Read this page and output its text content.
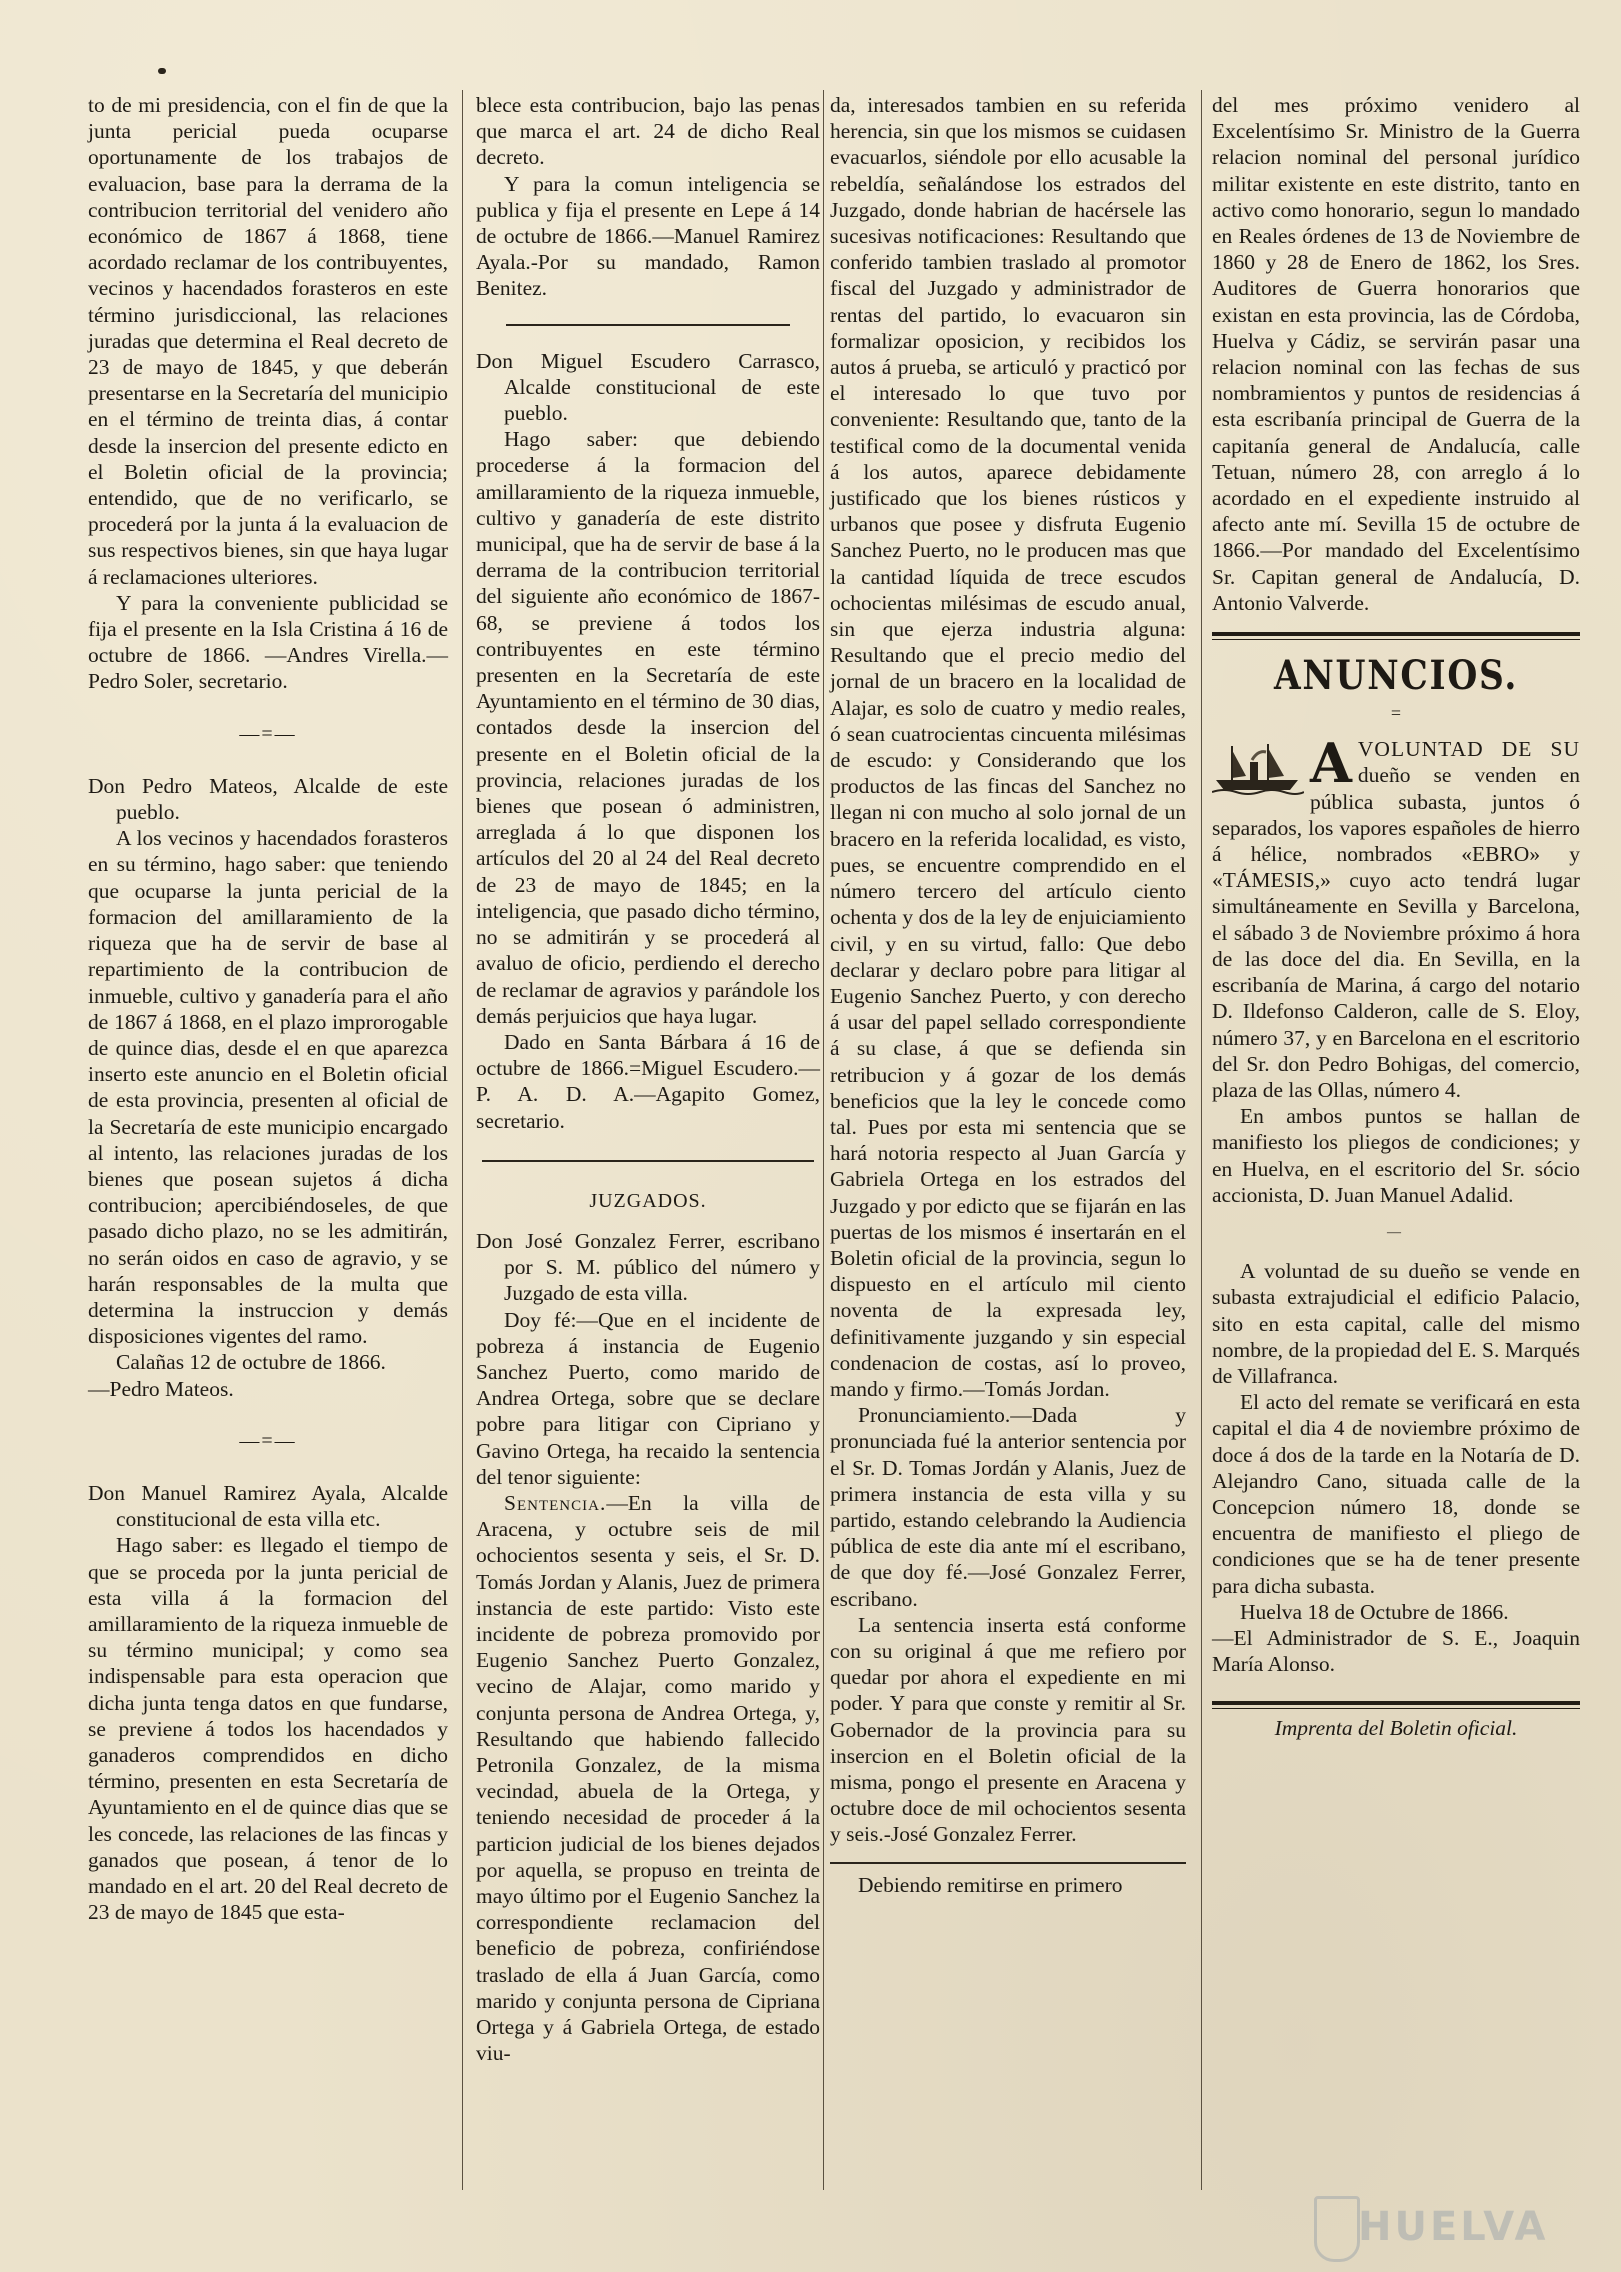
to de mi presidencia, con el fin de que la junta pericial pueda ocuparse oportunamente de los trabajos de evaluacion, base para la derrama de la contribucion territorial del venidero año económico de 1867 á 1868, tiene acordado reclamar de los contribuyentes, vecinos y hacendados forasteros en este término jurisdiccional, las relaciones juradas que determina el Real decreto de 23 de mayo de 1845, y que deberán presentarse en la Secretaría del municipio en el término de treinta dias, á contar desde la insercion del presente edicto en el Boletin oficial de la provincia; entendido, que de no verificarlo, se procederá por la junta á la evaluacion de sus respectivos bienes, sin que haya lugar á reclamaciones ulteriores.

Y para la conveniente publicidad se fija el presente en la Isla Cristina á 16 de octubre de 1866. —Andres Virella.—Pedro Soler, secretario.

—=—

Don Pedro Mateos, Alcalde de este pueblo.

A los vecinos y hacendados forasteros en su término, hago saber: que teniendo que ocuparse la junta pericial de la formacion del amillaramiento de la riqueza que ha de servir de base al repartimiento de la contribucion de inmueble, cultivo y ganadería para el año de 1867 á 1868, en el plazo improrogable de quince dias, desde el en que aparezca inserto este anuncio en el Boletin oficial de esta provincia, presenten al oficial de la Secretaría de este municipio encargado al intento, las relaciones juradas de los bienes que posean sujetos á dicha contribucion; apercibiéndoseles, de que pasado dicho plazo, no se les admitirán, no serán oidos en caso de agravio, y se harán responsables de la multa que determina la instruccion y demás disposiciones vigentes del ramo.

Calañas 12 de octubre de 1866.

—Pedro Mateos.

—=—

Don Manuel Ramirez Ayala, Alcalde constitucional de esta villa etc.

Hago saber: es llegado el tiempo de que se proceda por la junta pericial de esta villa á la formacion del amillaramiento de la riqueza inmueble de su término municipal; y como sea indispensable para esta operacion que dicha junta tenga datos en que fundarse, se previene á todos los hacendados y ganaderos comprendidos en dicho término, presenten en esta Secretaría de Ayuntamiento en el de quince dias que se les concede, las relaciones de las fincas y ganados que posean, á tenor de lo mandado en el art. 20 del Real decreto de 23 de mayo de 1845 que esta-

blece esta contribucion, bajo las penas que marca el art. 24 de dicho Real decreto.

Y para la comun inteligencia se publica y fija el presente en Lepe á 14 de octubre de 1866.—Manuel Ramirez Ayala.-Por su mandado, Ramon Benitez.

Don Miguel Escudero Carrasco, Alcalde constitucional de este pueblo.

Hago saber: que debiendo procederse á la formacion del amillaramiento de la riqueza inmueble, cultivo y ganadería de este distrito municipal, que ha de servir de base á la derrama de la contribucion territorial del siguiente año económico de 1867-68, se previene á todos los contribuyentes en este término presenten en la Secretaría de este Ayuntamiento en el término de 30 dias, contados desde la insercion del presente en el Boletin oficial de la provincia, relaciones juradas de los bienes que posean ó administren, arreglada á lo que disponen los artículos del 20 al 24 del Real decreto de 23 de mayo de 1845; en la inteligencia, que pasado dicho término, no se admitirán y se procederá al avaluo de oficio, perdiendo el derecho de reclamar de agravios y parándole los demás perjuicios que haya lugar.

Dado en Santa Bárbara á 16 de octubre de 1866.=Miguel Escudero.—P. A. D. A.—Agapito Gomez, secretario.

JUZGADOS.

Don José Gonzalez Ferrer, escribano por S. M. público del número y Juzgado de esta villa.

Doy fé:—Que en el incidente de pobreza á instancia de Eugenio Sanchez Puerto, como marido de Andrea Ortega, sobre que se declare pobre para litigar con Cipriano y Gavino Ortega, ha recaido la sentencia del tenor siguiente:

Sentencia.—En la villa de Aracena, y octubre seis de mil ochocientos sesenta y seis, el Sr. D. Tomás Jordan y Alanis, Juez de primera instancia de este partido: Visto este incidente de pobreza promovido por Eugenio Sanchez Puerto Gonzalez, vecino de Alajar, como marido y conjunta persona de Andrea Ortega, y, Resultando que habiendo fallecido Petronila Gonzalez, de la misma vecindad, abuela de la Ortega, y teniendo necesidad de proceder á la particion judicial de los bienes dejados por aquella, se propuso en treinta de mayo último por el Eugenio Sanchez la correspondiente reclamacion del beneficio de pobreza, confiriéndose traslado de ella á Juan García, como marido y conjunta persona de Cipriana Ortega y á Gabriela Ortega, de estado viu-

da, interesados tambien en su referida herencia, sin que los mismos se cuidasen evacuarlos, siéndole por ello acusable la rebeldía, señalándose los estrados del Juzgado, donde habrian de hacérsele las sucesivas notificaciones: Resultando que conferido tambien traslado al promotor fiscal del Juzgado y administrador de rentas del partido, lo evacuaron sin formalizar oposicion, y recibidos los autos á prueba, se articuló y practicó por el interesado lo que tuvo por conveniente: Resultando que, tanto de la testifical como de la documental venida á los autos, aparece debidamente justificado que los bienes rústicos y urbanos que posee y disfruta Eugenio Sanchez Puerto, no le producen mas que la cantidad líquida de trece escudos ochocientas milésimas de escudo anual, sin que ejerza industria alguna: Resultando que el precio medio del jornal de un bracero en la localidad de Alajar, es solo de cuatro y medio reales, ó sean cuatrocientas cincuenta milésimas de escudo: y Considerando que los productos de las fincas del Sanchez no llegan ni con mucho al solo jornal de un bracero en la referida localidad, es visto, pues, se encuentre comprendido en el número tercero del artículo ciento ochenta y dos de la ley de enjuiciamiento civil, y en su virtud, fallo: Que debo declarar y declaro pobre para litigar al Eugenio Sanchez Puerto, y con derecho á usar del papel sellado correspondiente á su clase, á que se defienda sin retribucion y á gozar de los demás beneficios que la ley le concede como tal. Pues por esta mi sentencia que se hará notoria respecto al Juan García y Gabriela Ortega en los estrados del Juzgado y por edicto que se fijarán en las puertas de los mismos é insertarán en el Boletin oficial de la provincia, segun lo dispuesto en el artículo mil ciento noventa de la expresada ley, definitivamente juzgando y sin especial condenacion de costas, así lo proveo, mando y firmo.—Tomás Jordan.

Pronunciamiento.—Dada y pronunciada fué la anterior sentencia por el Sr. D. Tomas Jordán y Alanis, Juez de primera instancia de esta villa y su partido, estando celebrando la Audiencia pública de este dia ante mí el escribano, de que doy fé.—José Gonzalez Ferrer, escribano.

La sentencia inserta está conforme con su original á que me refiero por quedar por ahora el expediente en mi poder. Y para que conste y remitir al Sr. Gobernador de la provincia para su insercion en el Boletin oficial de la misma, pongo el presente en Aracena y octubre doce de mil ochocientos sesenta y seis.-José Gonzalez Ferrer.

Debiendo remitirse en primero

del mes próximo venidero al Excelentísimo Sr. Ministro de la Guerra relacion nominal del personal jurídico militar existente en este distrito, tanto en activo como honorario, segun lo mandado en Reales órdenes de 13 de Noviembre de 1860 y 28 de Enero de 1862, los Sres. Auditores de Guerra honorarios que existan en esta provincia, las de Córdoba, Huelva y Cádiz, se servirán pasar una relacion nominal con las fechas de sus nombramientos y puntos de residencias á esta escribanía principal de Guerra de la capitanía general de Andalucía, calle Tetuan, número 28, con arreglo á lo acordado en el expediente instruido al afecto ante mí. Sevilla 15 de octubre de 1866.—Por mandado del Excelentísimo Sr. Capitan general de Andalucía, D. Antonio Valverde.

ANUNCIOS.
=
A VOLUNTAD DE SU dueño se venden en pública subasta, juntos ó separados, los vapores españoles de hierro á hélice, nombrados «EBRO» y «TÁMESIS,» cuyo acto tendrá lugar simultáneamente en Sevilla y Barcelona, el sábado 3 de Noviembre próximo á hora de las doce del dia. En Sevilla, en la escribanía de Marina, á cargo del notario D. Ildefonso Calderon, calle de S. Eloy, número 37, y en Barcelona en el escritorio del Sr. don Pedro Bohigas, del comercio, plaza de las Ollas, número 4.

En ambos puntos se hallan de manifiesto los pliegos de condiciones; y en Huelva, en el escritorio del Sr. sócio accionista, D. Juan Manuel Adalid.

—

A voluntad de su dueño se vende en subasta extrajudicial el edificio Palacio, sito en esta capital, calle del mismo nombre, de la propiedad del E. S. Marqués de Villafranca.

El acto del remate se verificará en esta capital el dia 4 de noviembre próximo de doce á dos de la tarde en la Notaría de D. Alejandro Cano, situada calle de la Concepcion número 18, donde se encuentra de manifiesto el pliego de condiciones que se ha de tener presente para dicha subasta.

Huelva 18 de Octubre de 1866.

—El Administrador de S. E., Joaquin María Alonso.

Imprenta del Boletin oficial.

HUELVA
